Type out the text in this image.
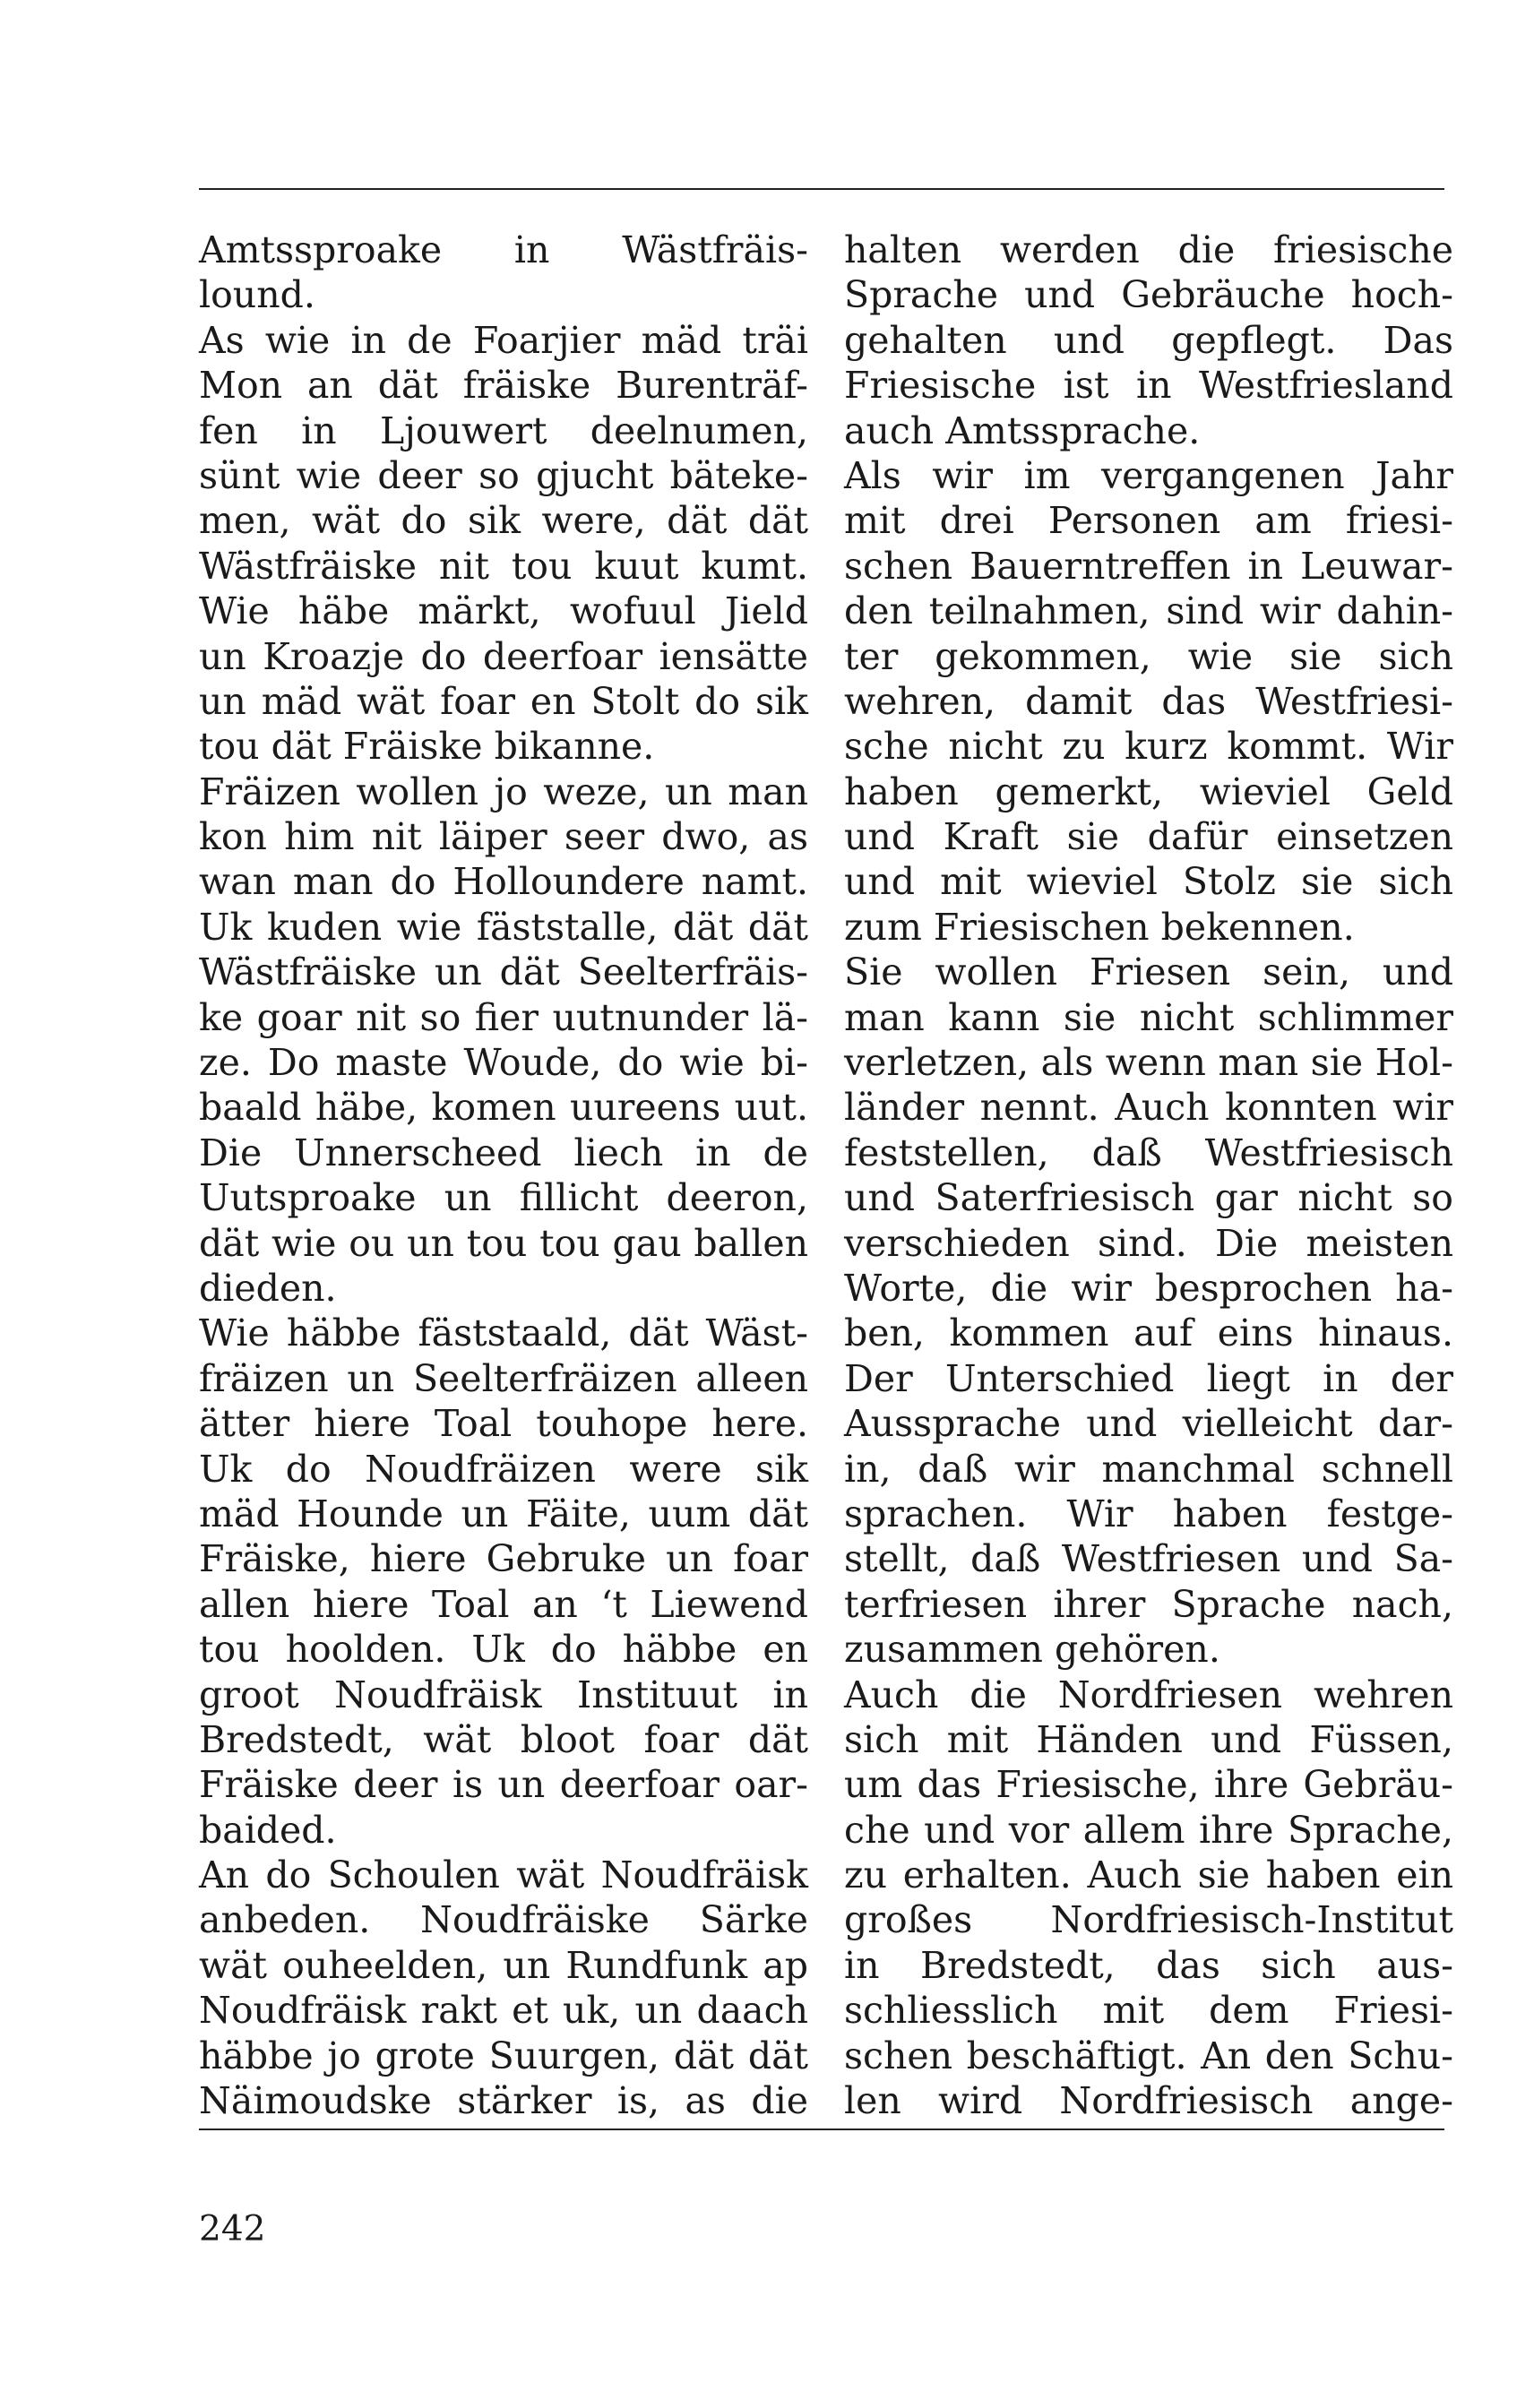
Amtssproake in Wästfräis-
lound.
As wie in de Foarjier mäd träi
Mon an dät fräiske Burenträf-
fen in Ljouwert deelnumen,
sünt wie deer so gjucht bäteke-
men, wät do sik were, dät dät
Wästfräiske nit tou kuut kumt.
Wie häbe märkt, wofuul Jield
un Kroazje do deerfoar iensätte
un mäd wät foar en Stolt do sik
tou dät Fräiske bikanne.
Fräizen wollen jo weze, un man
kon him nit läiper seer dwo, as
wan man do Holloundere namt.
Uk kuden wie fäststalle, dät dät
Wästfräiske un dät Seelterfräis-
ke goar nit so fier uutnunder lä-
ze. Do maste Woude, do wie bi-
baald häbe, komen uureens uut.
Die Unnerscheed liech in de
Uutsproake un fillicht deeron,
dät wie ou un tou tou gau ballen
dieden.
Wie häbbe fäststaald, dät Wäst-
fräizen un Seelterfräizen alleen
ätter hiere Toal touhope here.
Uk do Noudfräizen were sik
mäd Hounde un Fäite, uum dät
Fräiske, hiere Gebruke un foar
allen hiere Toal an ‘t Liewend
tou hoolden. Uk do häbbe en
groot Noudfräisk Instituut in
Bredstedt, wät bloot foar dät
Fräiske deer is un deerfoar oar-
baided.
An do Schoulen wät Noudfräisk
anbeden. Noudfräiske Särke
wät ouheelden, un Rundfunk ap
Noudfräisk rakt et uk, un daach
häbbe jo grote Suurgen, dät dät
Näimoudske stärker is, as die
halten werden die friesische
Sprache und Gebräuche hoch-
gehalten und gepflegt. Das
Friesische ist in Westfriesland
auch Amtssprache.
Als wir im vergangenen Jahr
mit drei Personen am friesi-
schen Bauerntreffen in Leuwar-
den teilnahmen, sind wir dahin-
ter gekommen, wie sie sich
wehren, damit das Westfriesi-
sche nicht zu kurz kommt. Wir
haben gemerkt, wieviel Geld
und Kraft sie dafür einsetzen
und mit wieviel Stolz sie sich
zum Friesischen bekennen.
Sie wollen Friesen sein, und
man kann sie nicht schlimmer
verletzen, als wenn man sie Hol-
länder nennt. Auch konnten wir
feststellen, daß Westfriesisch
und Saterfriesisch gar nicht so
verschieden sind. Die meisten
Worte, die wir besprochen ha-
ben, kommen auf eins hinaus.
Der Unterschied liegt in der
Aussprache und vielleicht dar-
in, daß wir manchmal schnell
sprachen. Wir haben festge-
stellt, daß Westfriesen und Sa-
terfriesen ihrer Sprache nach,
zusammen gehören.
Auch die Nordfriesen wehren
sich mit Händen und Füssen,
um das Friesische, ihre Gebräu-
che und vor allem ihre Sprache,
zu erhalten. Auch sie haben ein
großes Nordfriesisch-Institut
in Bredstedt, das sich aus-
schliesslich mit dem Friesi-
schen beschäftigt. An den Schu-
len wird Nordfriesisch ange-
242
